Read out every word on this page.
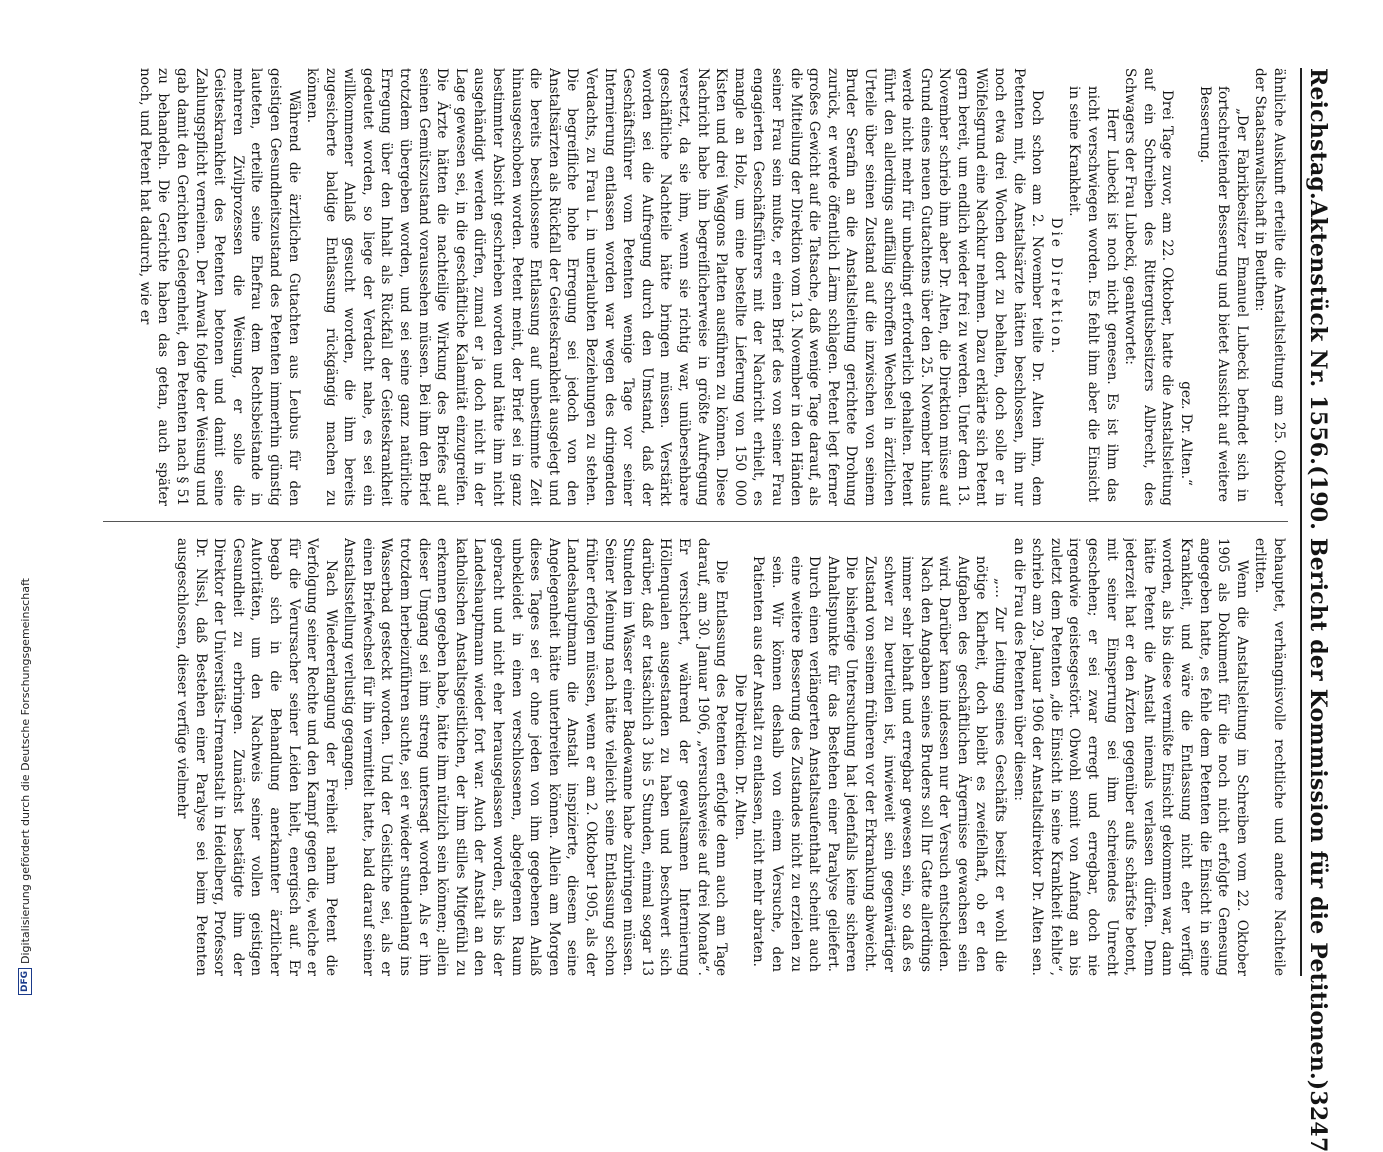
Reichstag.
Aktenstück Nr. 1556.
(190. Bericht der Kommission für die Petitionen.)
3247

ähnliche Auskunft erteilte die Anstaltsleitung am 25. Oktober der Staatsanwaltschaft in Beuthen:

„Der Fabrikbesitzer Emanuel Lubecki befindet sich in fortschreitender Besserung und bietet Aussicht auf weitere Besserung.

gez. Dr. Alten.“

Drei Tage zuvor, am 22. Oktober, hatte die Anstaltsleitung auf ein Schreiben des Rittergutsbesitzers Albrecht, des Schwagers der Frau Lubecki, geantwortet:

Herr Lubecki ist noch nicht genesen. Es ist ihm das nicht verschwiegen worden. Es fehlt ihm aber die Einsicht in seine Krankheit.

Die Direktion.

Doch schon am 2. November teilte Dr. Alten ihm, dem Petenten mit, die Anstaltsärzte hätten beschlossen, ihn nur noch etwa drei Wochen dort zu behalten, doch solle er in Wölfelsgrund eine Nachkur nehmen. Dazu erklärte sich Petent gern bereit, um endlich wieder frei zu werden. Unter dem 13. November schrieb ihm aber Dr. Alten, die Direktion müsse auf Grund eines neuen Gutachtens über den 25. November hinaus werde nicht mehr für unbedingt erforderlich gehalten. Petent führt den allerdings auffällig schroffen Wechsel in ärztlichen Urteile über seinen Zustand auf die inzwischen von seinem Bruder Serafin an die Anstaltsleitung gerichtete Drohung zurück, er werde öffentlich Lärm schlagen. Petent legt ferner großes Gewicht auf die Tatsache, daß wenige Tage darauf, als die Mitteilung der Direktion vom 13. November in den Händen seiner Frau sein mußte, er einen Brief des von seiner Frau engagierten Geschäftsführers mit der Nachricht erhielt, es mangle an Holz, um eine bestellte Lieferung von 150 000 Kisten und drei Waggons Platten ausführen zu können. Diese Nachricht habe ihn begreiflicherweise in größte Aufregung versetzt, da sie ihm, wenn sie richtig war, unübersehbare geschäftliche Nachteile hätte bringen müssen. Verstärkt worden sei die Aufregung durch den Umstand, daß der Geschäftsführer vom Petenten wenige Tage vor seiner Internierung entlassen worden war wegen des dringenden Verdachts, zu Frau L. in unerlaubten Beziehungen zu stehen. Die begreifliche hohe Erregung sei jedoch von den Anstaltsärzten als Rückfall der Geisteskrankheit ausgelegt und die bereits beschlossene Entlassung auf unbestimmte Zeit hinausgeschoben worden. Petent meint, der Brief sei in ganz bestimmter Absicht geschrieben worden und hätte ihm nicht ausgehändigt werden dürfen, zumal er ja doch nicht in der Lage gewesen sei, in die geschäftliche Kalamität einzugreifen. Die Ärzte hätten die nachteilige Wirkung des Briefes auf seinen Gemütszustand voraussehen müssen. Bei ihm den Brief trotzdem übergeben worden, und sei seine ganz natürliche Erregung über den Inhalt als Rückfall der Geisteskrankheit gedeutet worden, so liege der Verdacht nahe, es sei ein willkommener Anlaß gesucht worden, die ihm bereits zugesicherte baldige Entlassung rückgängig machen zu können.

Während die ärztlichen Gutachten aus Leubus für den geistigen Gesundheitszustand des Petenten immerhin günstig lauteten, erteilte seine Ehefrau dem Rechtsbeistande in mehreren Zivilprozessen die Weisung, er solle die Geisteskrankheit des Petenten betonen und damit seine Zahlungspflicht verneinen. Der Anwalt folgte der Weisung und gab damit den Gerichten Gelegenheit, den Petenten nach § 51 zu behandeln. Die Gerichte haben das getan, auch später noch, und Petent hat dadurch, wie er

behauptet, verhängnisvolle rechtliche und andere Nachteile erlitten.

Wenn die Anstaltsleitung im Schreiben vom 22. Oktober 1905 als Dokument für die noch nicht erfolgte Genesung angegeben hatte, es fehle dem Petenten die Einsicht in seine Krankheit, und wäre die Entlassung nicht eher verfügt worden, als bis diese vermißte Einsicht gekommen war, dann hätte Petent die Anstalt niemals verlassen dürfen. Denn jederzeit hat er den Ärzten gegenüber aufs schärfste betont, mit seiner Einsperrung sei ihm schreiendes Unrecht geschehen; er sei zwar erregt und erregbar, doch nie irgendwie geistesgestört. Obwohl somit von Anfang an bis zuletzt dem Petenten „die Einsicht in seine Krankheit fehlte“, schrieb am 29. Januar 1906 der Anstaltsdirektor Dr. Alten sen. an die Frau des Petenten über diesen:

„... Zur Leitung seines Geschäfts besitzt er wohl die nötige Klarheit, doch bleibt es zweifelhaft, ob er den Aufgaben des geschäftlichen Ärgernisse gewachsen sein wird. Darüber kann indessen nur der Versuch entscheiden. Nach den Angaben seines Bruders soll Ihr Gatte allerdings immer sehr lebhaft und erregbar gewesen sein, so daß es schwer zu beurteilen ist, inwieweit sein gegenwärtiger Zustand von seinem früheren vor der Erkrankung abweicht. Die bisherige Untersuchung hat jedenfalls keine sicheren Anhaltspunkte für das Bestehen einer Paralyse geliefert. Durch einen verlängerten Anstaltsaufenthalt scheint auch eine weitere Besserung des Zustandes nicht zu erzielen zu sein. Wir können deshalb von einem Versuche, den Patienten aus der Anstalt zu entlassen, nicht mehr abraten.

Die Direktion. Dr. Alten.

Die Entlassung des Petenten erfolgte denn auch am Tage darauf, am 30. Januar 1906, „versuchsweise auf drei Monate“. Er versichert, während der gewaltsamen Internierung Höllenqualen ausgestanden zu haben und beschwert sich darüber, daß er tatsächlich 3 bis 5 Stunden, einmal sogar 13 Stunden im Wasser einer Badewanne habe zubringen müssen. Seiner Meinung nach hätte vielleicht seine Entlassung schon früher erfolgen müssen, wenn er am 2. Oktober 1905, als der Landeshauptmann die Anstalt inspizierte, diesem seine Angelegenheit hätte unterbreiten können. Allein am Morgen dieses Tages sei er ohne jeden von ihm gegebenen Anlaß unbekleidet in einen verschlossenen, abgelegenen Raum gebracht und nicht eher herausgelassen worden, als bis der Landeshauptmann wieder fort war. Auch der Anstalt an den katholischen Anstaltsgeistlichen, der ihm stilles Mitgefühl zu erkennen gegeben habe, hätte ihm nützlich sein können; allein dieser Umgang sei ihm streng untersagt worden. Als er ihn trotzdem herbeizuführen suchte, sei er wieder stundenlang ins Wasserbad gesteckt worden. Und der Geistliche sei, als er einen Briefwechsel für ihn vermittelt hatte, bald darauf seiner Anstaltsstellung verlustig gegangen.

Nach Wiedererlangung der Freiheit nahm Petent die Verfolgung seiner Rechte und den Kampf gegen die, welche er für die Verursacher seiner Leiden hielt, energisch auf. Er begab sich in die Behandlung anerkannter ärztlicher Autoritäten, um den Nachweis seiner vollen geistigen Gesundheit zu erbringen. Zunächst bestätigte ihm der Direktor der Universitäts-Irrenanstalt in Heidelberg, Professor Dr. Nissl, daß Bestehen einer Paralyse sei beim Petenten ausgeschlossen, dieser verfüge vielmehr

DFG
Digitalisierung gefördert durch die Deutsche Forschungsgemeinschaft
